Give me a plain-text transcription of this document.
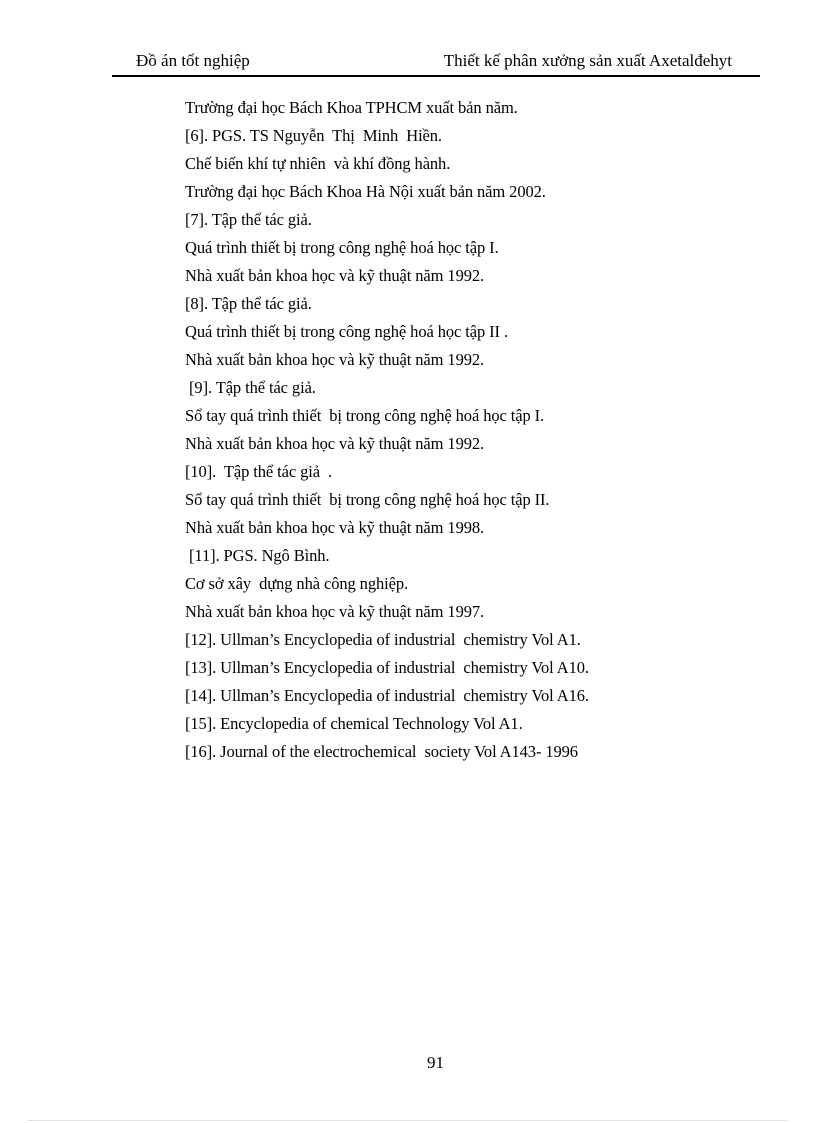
Đồ án tốt nghiệp	Thiết kế phân xưởng sản xuất Axetalđehyt
Trường đại học Bách Khoa TPHCM xuất bản năm.
[6]. PGS. TS Nguyễn  Thị  Minh  Hiền.
Chế biến khí tự nhiên  và khí đồng hành.
Trường đại học Bách Khoa Hà Nội xuất bản năm 2002.
[7]. Tập thể tác giả.
Quá trình thiết bị trong công nghệ hoá học tập I.
Nhà xuất bản khoa học và kỹ thuật năm 1992.
[8]. Tập thể tác giả.
Quá trình thiết bị trong công nghệ hoá học tập II .
Nhà xuất bản khoa học và kỹ thuật năm 1992.
[9]. Tập thể tác giả.
Sổ tay quá trình thiết  bị trong công nghệ hoá học tập I.
Nhà xuất bản khoa học và kỹ thuật năm 1992.
[10].  Tập thể tác giả  .
Sổ tay quá trình thiết  bị trong công nghệ hoá học tập II.
Nhà xuất bản khoa học và kỹ thuật năm 1998.
[11]. PGS. Ngô Bình.
Cơ sở xây  dựng nhà công nghiệp.
Nhà xuất bản khoa học và kỹ thuật năm 1997.
[12]. Ullman’s Encyclopedia of industrial  chemistry Vol A1.
[13]. Ullman’s Encyclopedia of industrial  chemistry Vol A10.
[14]. Ullman’s Encyclopedia of industrial  chemistry Vol A16.
[15]. Encyclopedia of chemical Technology Vol A1.
[16]. Journal of the electrochemical  society Vol A143- 1996
91
